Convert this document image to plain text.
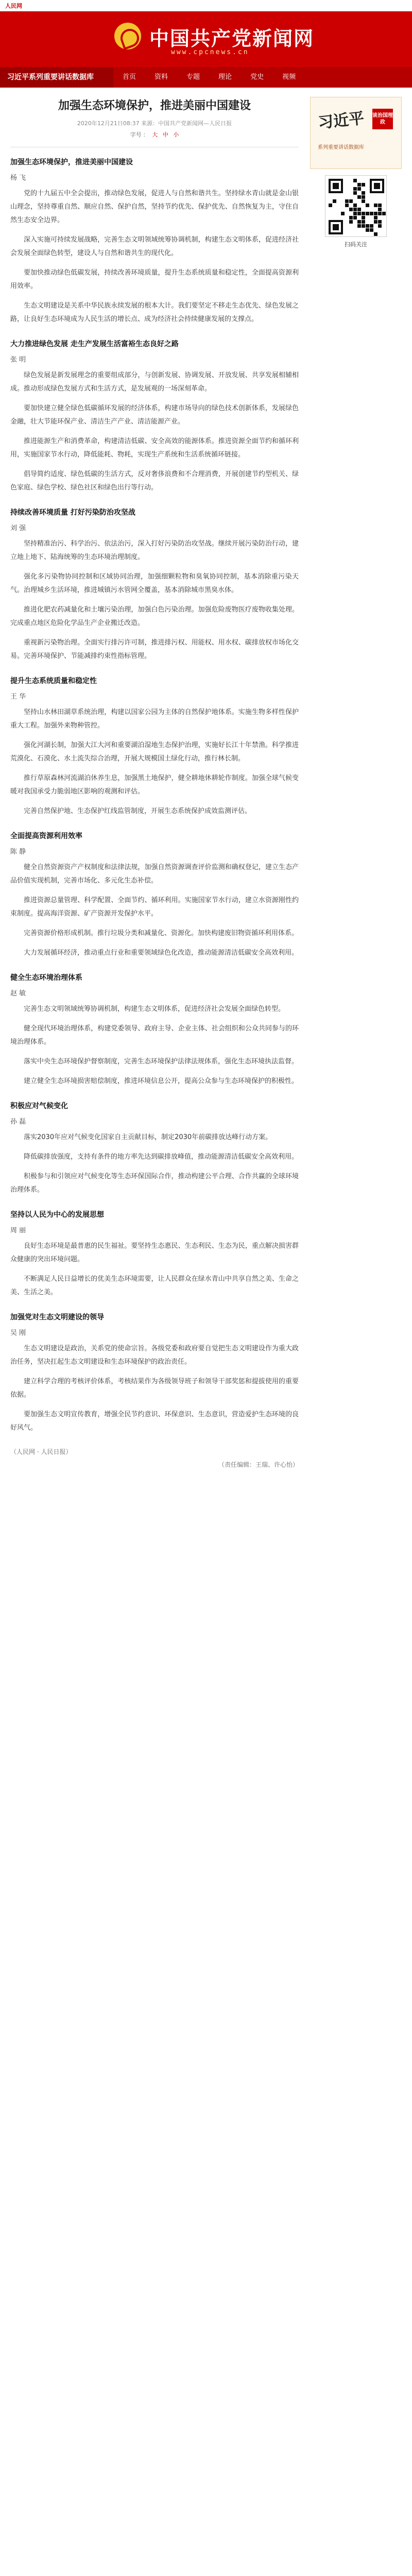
人民网
中国共产党新闻网
www.cpcnews.cn
习近平系列重要讲话数据库	首页	资料	专题	理论	党史	视频
加强生态环境保护，推进美丽中国建设
2020年12月21日08:37 来源：中国共产党新闻网—人民日报
字号 ： 大 中 小
加强生态环境保护，推进美丽中国建设
杨 飞

党的十九届五中全会提出，推动绿色发展，促进人与自然和谐共生。坚持绿水青山就是金山银山理念，坚持尊重自然、顺应自然、保护自然，坚持节约优先、保护优先、自然恢复为主，守住自然生态安全边界。

深入实施可持续发展战略，完善生态文明领域统筹协调机制，构建生态文明体系，促进经济社会发展全面绿色转型，建设人与自然和谐共生的现代化。

要加快推动绿色低碳发展，持续改善环境质量，提升生态系统质量和稳定性，全面提高资源利用效率。

生态文明建设是关系中华民族永续发展的根本大计。我们要坚定不移走生态优先、绿色发展之路，让良好生态环境成为人民生活的增长点、成为经济社会持续健康发展的支撑点。

大力推进绿色发展 走生产发展生活富裕生态良好之路
张 明

绿色发展是新发展理念的重要组成部分，与创新发展、协调发展、开放发展、共享发展相辅相成。推动形成绿色发展方式和生活方式，是发展观的一场深刻革命。

要加快建立健全绿色低碳循环发展的经济体系，构建市场导向的绿色技术创新体系，发展绿色金融，壮大节能环保产业、清洁生产产业、清洁能源产业。

推进能源生产和消费革命，构建清洁低碳、安全高效的能源体系。推进资源全面节约和循环利用，实施国家节水行动，降低能耗、物耗，实现生产系统和生活系统循环链接。

倡导简约适度、绿色低碳的生活方式，反对奢侈浪费和不合理消费，开展创建节约型机关、绿色家庭、绿色学校、绿色社区和绿色出行等行动。

持续改善环境质量 打好污染防治攻坚战
刘 强

坚持精准治污、科学治污、依法治污，深入打好污染防治攻坚战。继续开展污染防治行动，建立地上地下、陆海统筹的生态环境治理制度。

强化多污染物协同控制和区域协同治理，加强细颗粒物和臭氧协同控制，基本消除重污染天气。治理城乡生活环境，推进城镇污水管网全覆盖，基本消除城市黑臭水体。

推进化肥农药减量化和土壤污染治理，加强白色污染治理。加强危险废物医疗废物收集处理。完成重点地区危险化学品生产企业搬迁改造。

重视新污染物治理。全面实行排污许可制，推进排污权、用能权、用水权、碳排放权市场化交易。完善环境保护、节能减排约束性指标管理。

提升生态系统质量和稳定性
王 华

坚持山水林田湖草系统治理，构建以国家公园为主体的自然保护地体系。实施生物多样性保护重大工程。加强外来物种管控。

强化河湖长制，加强大江大河和重要湖泊湿地生态保护治理，实施好长江十年禁渔。科学推进荒漠化、石漠化、水土流失综合治理，开展大规模国土绿化行动，推行林长制。

推行草原森林河流湖泊休养生息，加强黑土地保护，健全耕地休耕轮作制度。加强全球气候变暖对我国承受力脆弱地区影响的观测和评估。

完善自然保护地、生态保护红线监管制度，开展生态系统保护成效监测评估。

全面提高资源利用效率
陈 静

健全自然资源资产产权制度和法律法规，加强自然资源调查评价监测和确权登记，建立生态产品价值实现机制，完善市场化、多元化生态补偿。

推进资源总量管理、科学配置、全面节约、循环利用。实施国家节水行动，建立水资源刚性约束制度。提高海洋资源、矿产资源开发保护水平。

完善资源价格形成机制。推行垃圾分类和减量化、资源化。加快构建废旧物资循环利用体系。

大力发展循环经济，推动重点行业和重要领域绿色化改造，推动能源清洁低碳安全高效利用。

健全生态环境治理体系
赵 敏

完善生态文明领域统筹协调机制，构建生态文明体系，促进经济社会发展全面绿色转型。

健全现代环境治理体系，构建党委领导、政府主导、企业主体、社会组织和公众共同参与的环境治理体系。

落实中央生态环境保护督察制度，完善生态环境保护法律法规体系，强化生态环境执法监督。

建立健全生态环境损害赔偿制度，推进环境信息公开，提高公众参与生态环境保护的积极性。

积极应对气候变化
孙 磊

落实2030年应对气候变化国家自主贡献目标，制定2030年前碳排放达峰行动方案。

降低碳排放强度，支持有条件的地方率先达到碳排放峰值，推动能源清洁低碳安全高效利用。

积极参与和引领应对气候变化等生态环保国际合作，推动构建公平合理、合作共赢的全球环境治理体系。

坚持以人民为中心的发展思想
周 丽

良好生态环境是最普惠的民生福祉。要坚持生态惠民、生态利民、生态为民，重点解决损害群众健康的突出环境问题。

不断满足人民日益增长的优美生态环境需要，让人民群众在绿水青山中共享自然之美、生命之美、生活之美。

加强党对生态文明建设的领导
吴 刚

生态文明建设是政治，关系党的使命宗旨。各级党委和政府要自觉把生态文明建设作为重大政治任务，坚决扛起生态文明建设和生态环境保护的政治责任。

建立科学合理的考核评价体系，考核结果作为各级领导班子和领导干部奖惩和提拔使用的重要依据。

要加强生态文明宣传教育，增强全民节约意识、环保意识、生态意识，营造爱护生态环境的良好风气。

（人民网 · 人民日报）
（责任编辑：王瑞、许心怡）
习近平 谈治国理政
系列重要讲话数据库
扫码关注
